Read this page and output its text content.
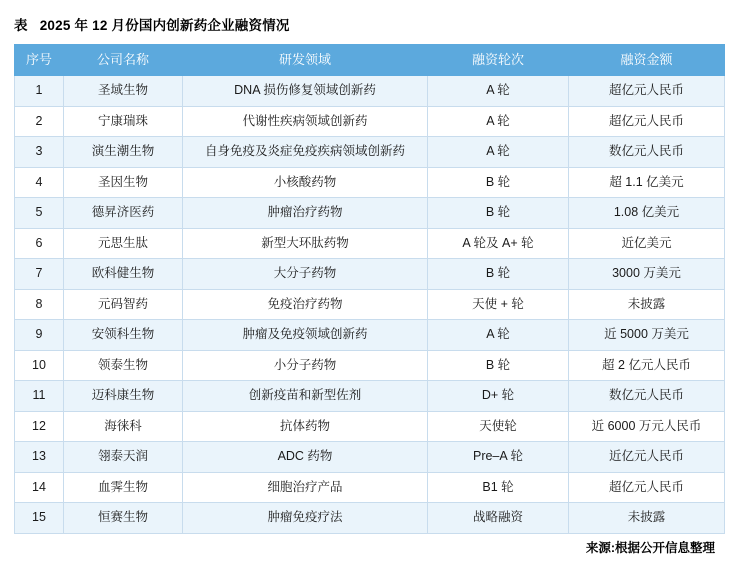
表 2025 年 12 月份国内创新药企业融资情况
序号	公司名称	研发领域	融资轮次	融资金额
1	圣域生物	DNA 损伤修复领域创新药	A 轮	超亿元人民币
2	宁康瑞珠	代谢性疾病领域创新药	A 轮	超亿元人民币
3	演生潮生物	自身免疫及炎症免疫疾病领域创新药	A 轮	数亿元人民币
4	圣因生物	小核酸药物	B 轮	超 1.1 亿美元
5	德昇济医药	肿瘤治疗药物	B 轮	1.08 亿美元
6	元思生肽	新型大环肽药物	A 轮及 A+ 轮	近亿美元
7	欧科健生物	大分子药物	B 轮	3000 万美元
8	元码智药	免疫治疗药物	天使 + 轮	未披露
9	安领科生物	肿瘤及免疫领域创新药	A 轮	近 5000 万美元
10	领泰生物	小分子药物	B 轮	超 2 亿元人民币
11	迈科康生物	创新疫苗和新型佐剂	D+ 轮	数亿元人民币
12	海徕科	抗体药物	天使轮	近 6000 万元人民币
13	翎泰天润	ADC 药物	Pre–A 轮	近亿元人民币
14	血霁生物	细胞治疗产品	B1 轮	超亿元人民币
15	恒赛生物	肿瘤免疫疗法	战略融资	未披露
来源:根据公开信息整理
